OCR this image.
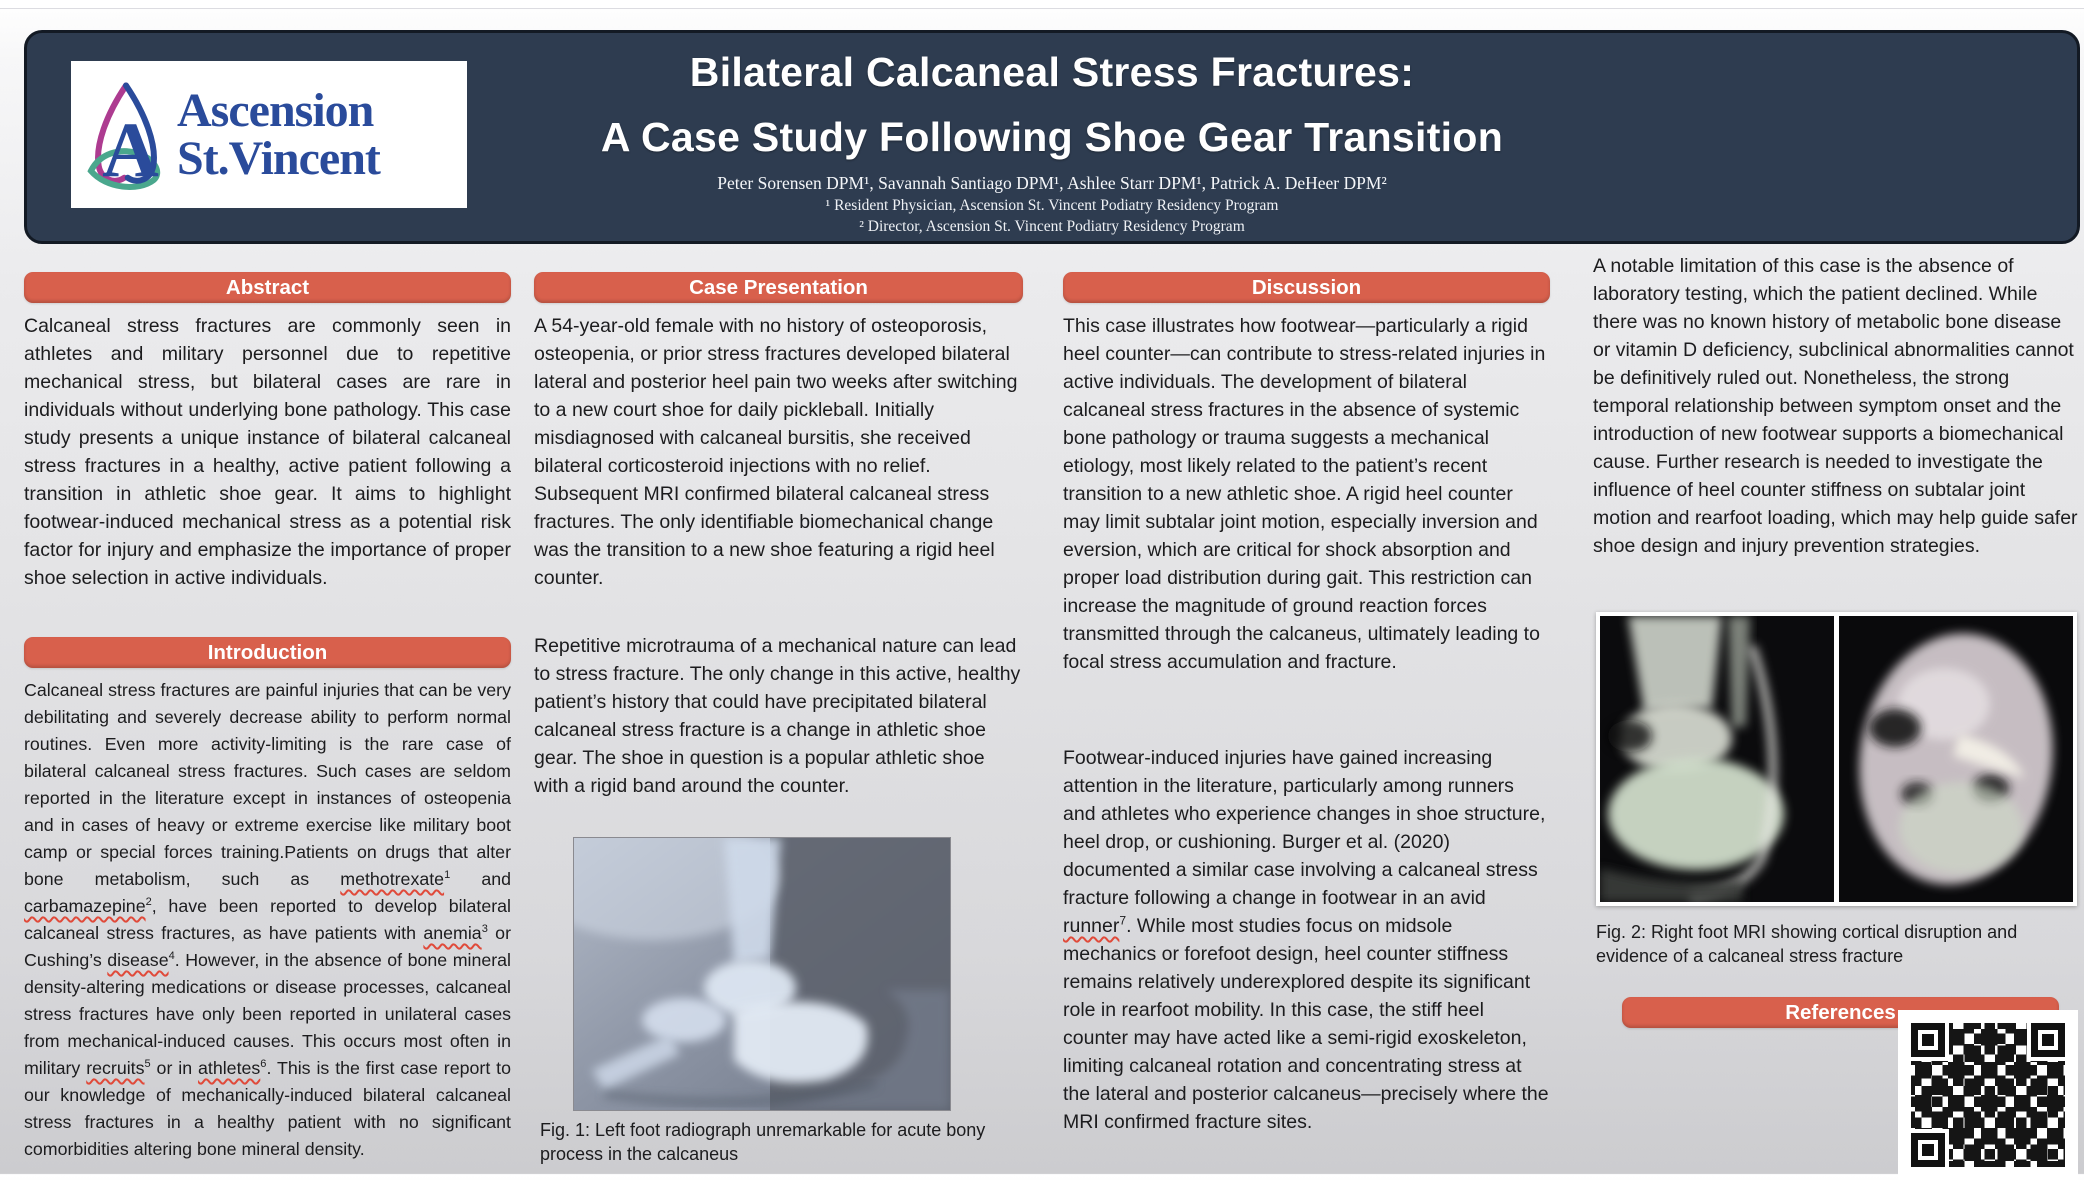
A Ascension
St.Vincent
Bilateral Calcaneal Stress Fractures:
A Case Study Following Shoe Gear Transition
Peter Sorensen DPM¹, Savannah Santiago DPM¹, Ashlee Starr DPM¹, Patrick A. DeHeer DPM²
¹ Resident Physician, Ascension St. Vincent Podiatry Residency Program
² Director, Ascension St. Vincent Podiatry Residency Program
Abstract
Calcaneal stress fractures are commonly seen in athletes and military personnel due to repetitive mechanical stress, but bilateral cases are rare in individuals without underlying bone pathology. This case study presents a unique instance of bilateral calcaneal stress fractures in a healthy, active patient following a transition in athletic shoe gear. It aims to highlight footwear-induced mechanical stress as a potential risk factor for injury and emphasize the importance of proper shoe selection in active individuals.
Introduction
Calcaneal stress fractures are painful injuries that can be very debilitating and severely decrease ability to perform normal routines. Even more activity-limiting is the rare case of bilateral calcaneal stress fractures. Such cases are seldom reported in the literature except in instances of osteopenia and in cases of heavy or extreme exercise like military boot camp or special forces training.Patients on drugs that alter bone metabolism, such as methotrexate$^1$ and carbamazepine$^2$, have been reported to develop bilateral calcaneal stress fractures, as have patients with anemia$^3$ or Cushing’s disease$^4$. However, in the absence of bone mineral density-altering medications or disease processes, calcaneal stress fractures have only been reported in unilateral cases from mechanical-induced causes. This occurs most often in military recruits$^5$ or in athletes$^6$. This is the first case report to our knowledge of mechanically-induced bilateral calcaneal stress fractures in a healthy patient with no significant comorbidities altering bone mineral density.
Case Presentation
A 54-year-old female with no history of osteoporosis, osteopenia, or prior stress fractures developed bilateral lateral and posterior heel pain two weeks after switching to a new court shoe for daily pickleball. Initially misdiagnosed with calcaneal bursitis, she received bilateral corticosteroid injections with no relief. Subsequent MRI confirmed bilateral calcaneal stress fractures. The only identifiable biomechanical change was the transition to a new shoe featuring a rigid heel counter.
Repetitive microtrauma of a mechanical nature can lead to stress fracture. The only change in this active, healthy patient’s history that could have precipitated bilateral calcaneal stress fracture is a change in athletic shoe gear. The shoe in question is a popular athletic shoe with a rigid band around the counter.
Fig. 1: Left foot radiograph unremarkable for acute bony process in the calcaneus
Discussion
This case illustrates how footwear—particularly a rigid heel counter—can contribute to stress-related injuries in active individuals. The development of bilateral calcaneal stress fractures in the absence of systemic bone pathology or trauma suggests a mechanical etiology, most likely related to the patient’s recent transition to a new athletic shoe. A rigid heel counter may limit subtalar joint motion, especially inversion and eversion, which are critical for shock absorption and proper load distribution during gait. This restriction can increase the magnitude of ground reaction forces transmitted through the calcaneus, ultimately leading to focal stress accumulation and fracture.
Footwear-induced injuries have gained increasing attention in the literature, particularly among runners and athletes who experience changes in shoe structure, heel drop, or cushioning. Burger et al. (2020) documented a similar case involving a calcaneal stress fracture following a change in footwear in an avid runner$^7$. While most studies focus on midsole mechanics or forefoot design, heel counter stiffness remains relatively underexplored despite its significant role in rearfoot mobility. In this case, the stiff heel counter may have acted like a semi-rigid exoskeleton, limiting calcaneal rotation and concentrating stress at the lateral and posterior calcaneus—precisely where the MRI confirmed fracture sites.
A notable limitation of this case is the absence of laboratory testing, which the patient declined. While there was no known history of metabolic bone disease or vitamin D deficiency, subclinical abnormalities cannot be definitively ruled out. Nonetheless, the strong temporal relationship between symptom onset and the introduction of new footwear supports a biomechanical cause. Further research is needed to investigate the influence of heel counter stiffness on subtalar joint motion and rearfoot loading, which may help guide safer shoe design and injury prevention strategies.
Fig. 2: Right foot MRI showing cortical disruption and evidence of a calcaneal stress fracture
References
